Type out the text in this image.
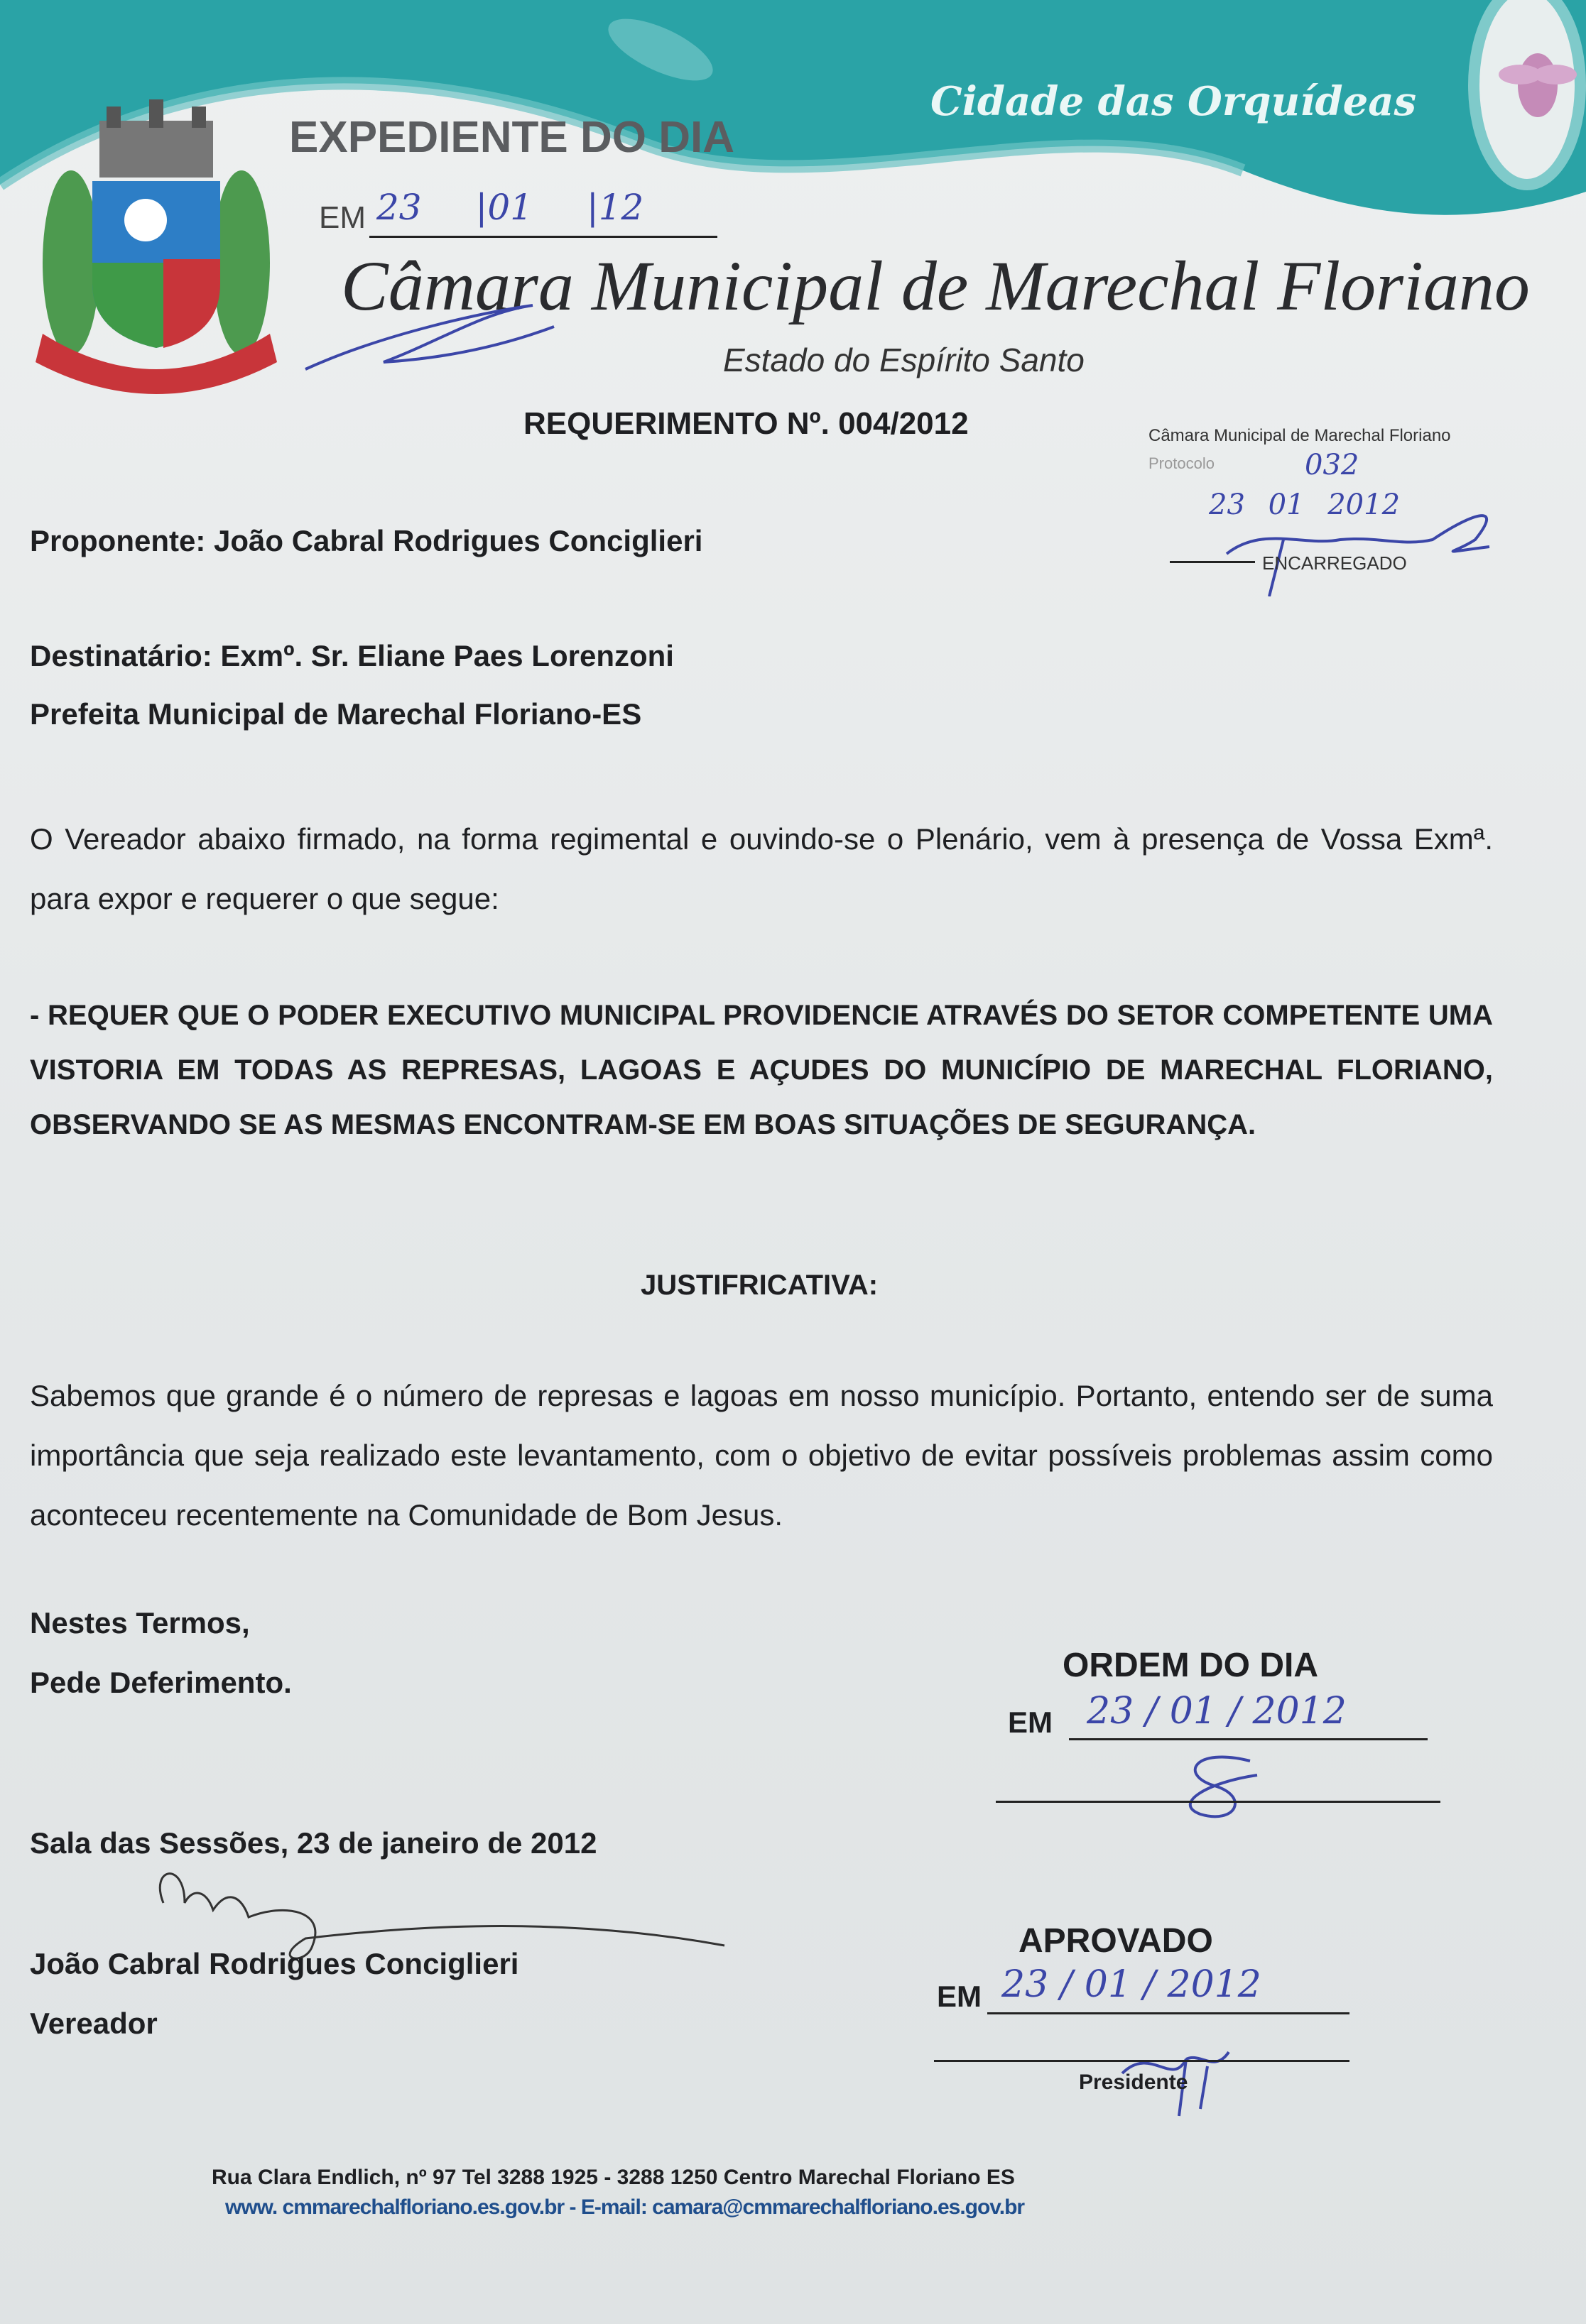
EXPEDIENTE DO DIA
Cidade das Orquídeas
EM 23 |01 |12
Câmara Municipal de Marechal Floriano
Estado do Espírito Santo
REQUERIMENTO Nº. 004/2012	Câmara Municipal de Marechal Floriano
Protocolo	032
23 01 2012
ENCARREGADO
Proponente: João Cabral Rodrigues Conciglieri
Destinatário: Exmº. Sr. Eliane Paes Lorenzoni
Prefeita Municipal de Marechal Floriano-ES
O Vereador abaixo firmado, na forma regimental e ouvindo-se o Plenário, vem à presença de Vossa Exmª. para expor e requerer o que segue:
- REQUER QUE O PODER EXECUTIVO MUNICIPAL PROVIDENCIE ATRAVÉS DO SETOR COMPETENTE UMA VISTORIA EM TODAS AS REPRESAS, LAGOAS E AÇUDES DO MUNICÍPIO DE MARECHAL FLORIANO, OBSERVANDO SE AS MESMAS ENCONTRAM-SE EM BOAS SITUAÇÕES DE SEGURANÇA.
JUSTIFRICATIVA:
Sabemos que grande é o número de represas e lagoas em nosso município. Portanto, entendo ser de suma importância que seja realizado este levantamento, com o objetivo de evitar possíveis problemas assim como aconteceu recentemente na Comunidade de Bom Jesus.
Nestes Termos,
Pede Deferimento.
Sala das Sessões, 23 de janeiro de 2012
João Cabral Rodrigues Conciglieri
Vereador
ORDEM DO DIA
EM 23 / 01 / 2012
APROVADO
EM 23 / 01 / 2012
Presidente
Rua Clara Endlich, nº 97 Tel 3288 1925 - 3288 1250 Centro Marechal Floriano ES
www. cmmarechalfloriano.es.gov.br - E-mail: camara@cmmarechalfloriano.es.gov.br
